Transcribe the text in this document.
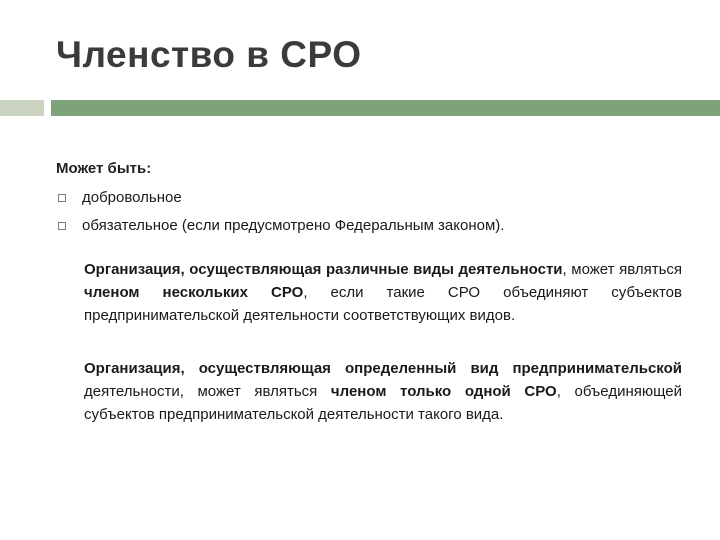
Членство в СРО
Может быть:
добровольное
обязательное (если предусмотрено Федеральным законом).
Организация, осуществляющая различные виды деятельности, может являться членом нескольких СРО, если такие СРО объединяют субъектов предпринимательской деятельности соответствующих видов.
Организация, осуществляющая определенный вид предпринимательской деятельности, может являться членом только одной СРО, объединяющей субъектов предпринимательской деятельности такого вида.
